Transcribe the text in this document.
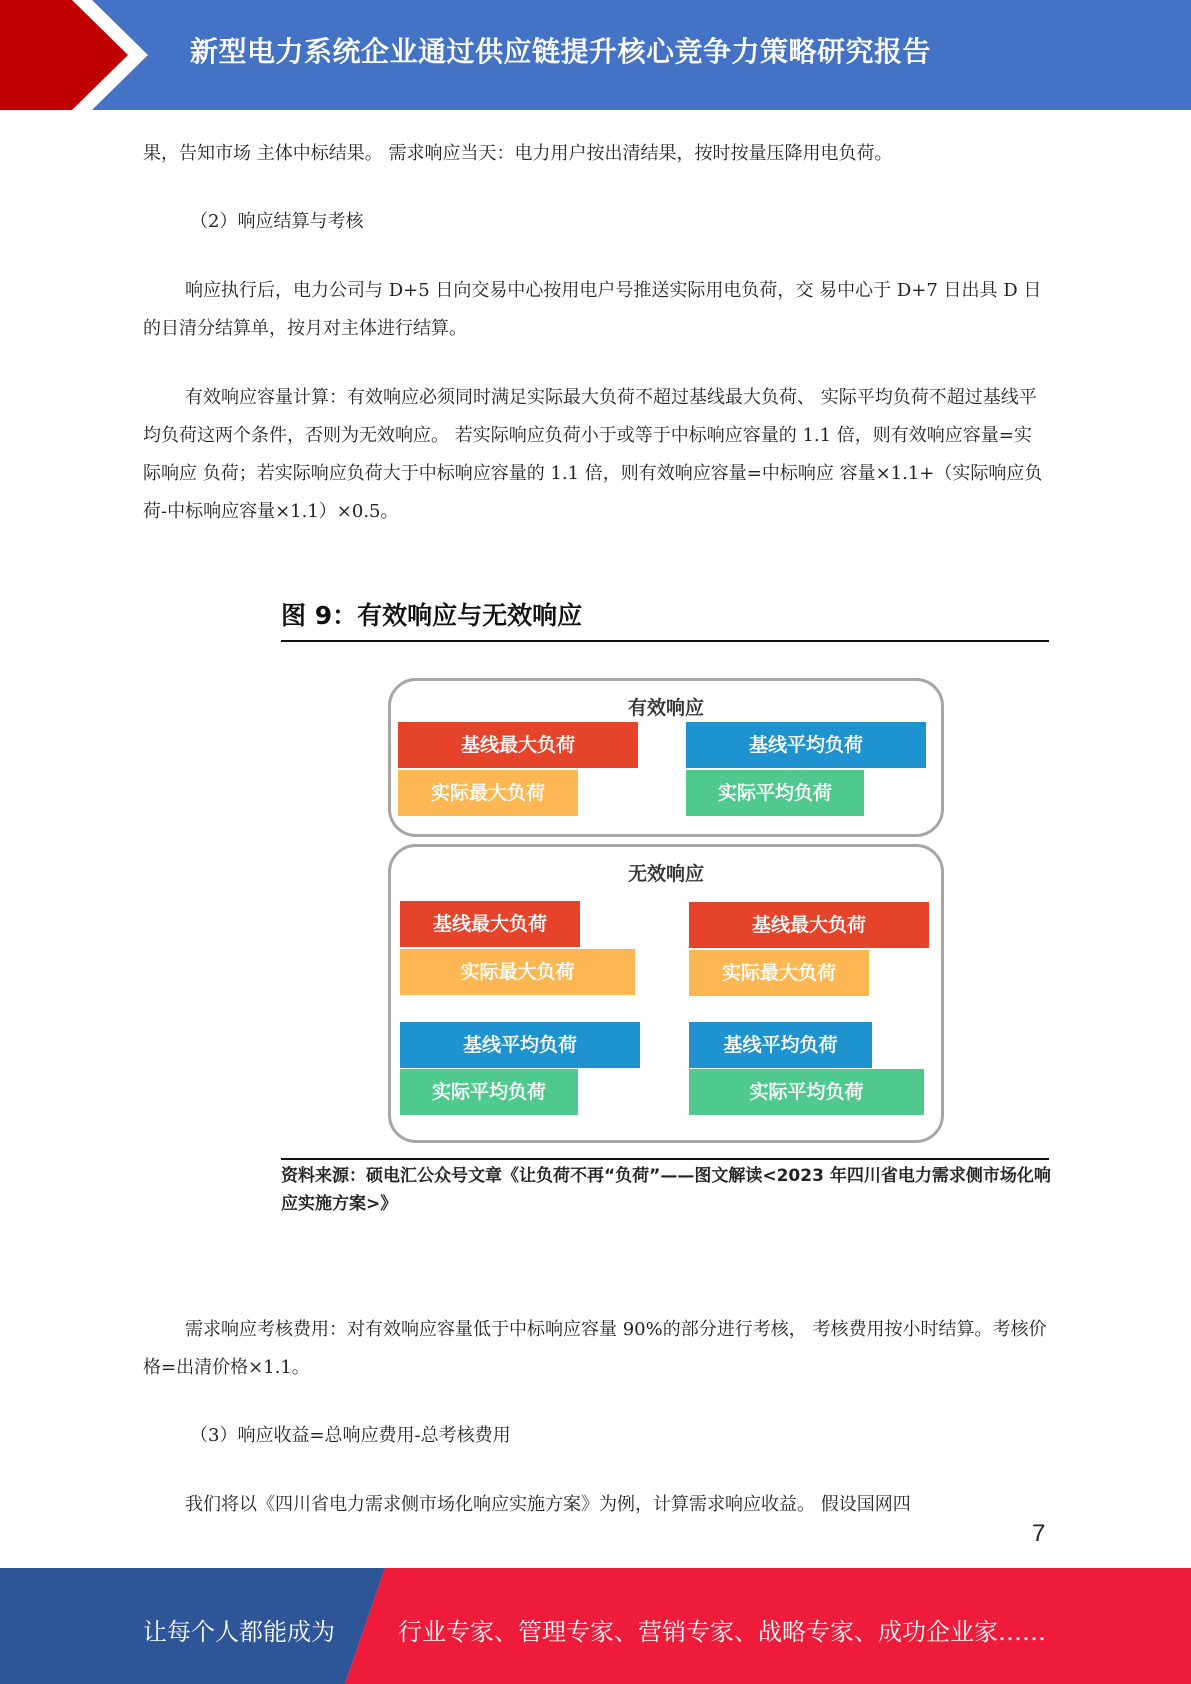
新型电力系统企业通过供应链提升核心竞争力策略研究报告

果，告知市场 主体中标结果。 需求响应当天：电力用户按出清结果，按时按量压降用电负荷。

（2）响应结算与考核

响应执行后，电力公司与 D+5 日向交易中心按用电户号推送实际用电负荷，交 易中心于 D+7 日出具 D 日的日清分结算单，按月对主体进行结算。

有效响应容量计算：有效响应必须同时满足实际最大负荷不超过基线最大负荷、 实际平均负荷不超过基线平均负荷这两个条件，否则为无效响应。 若实际响应负荷小于或等于中标响应容量的 1.1 倍，则有效响应容量=实际响应 负荷；若实际响应负荷大于中标响应容量的 1.1 倍，则有效响应容量=中标响应 容量×1.1+（实际响应负荷-中标响应容量×1.1）×0.5。

图 9：有效响应与无效响应
有效响应
基线最大负荷
实际最大负荷
基线平均负荷
实际平均负荷
无效响应
基线最大负荷
实际最大负荷
基线最大负荷
实际最大负荷
基线平均负荷
实际平均负荷
基线平均负荷
实际平均负荷
资料来源：硕电汇公众号文章《让负荷不再“负荷”——图文解读<2023 年四川省电力需求侧市场化响应实施方案>》

需求响应考核费用：对有效响应容量低于中标响应容量 90%的部分进行考核， 考核费用按小时结算。考核价格=出清价格×1.1。

（3）响应收益=总响应费用-总考核费用

我们将以《四川省电力需求侧市场化响应实施方案》为例，计算需求响应收益。 假设国网四

7
让每个人都能成为	行业专家、管理专家、营销专家、战略专家、成功企业家……
